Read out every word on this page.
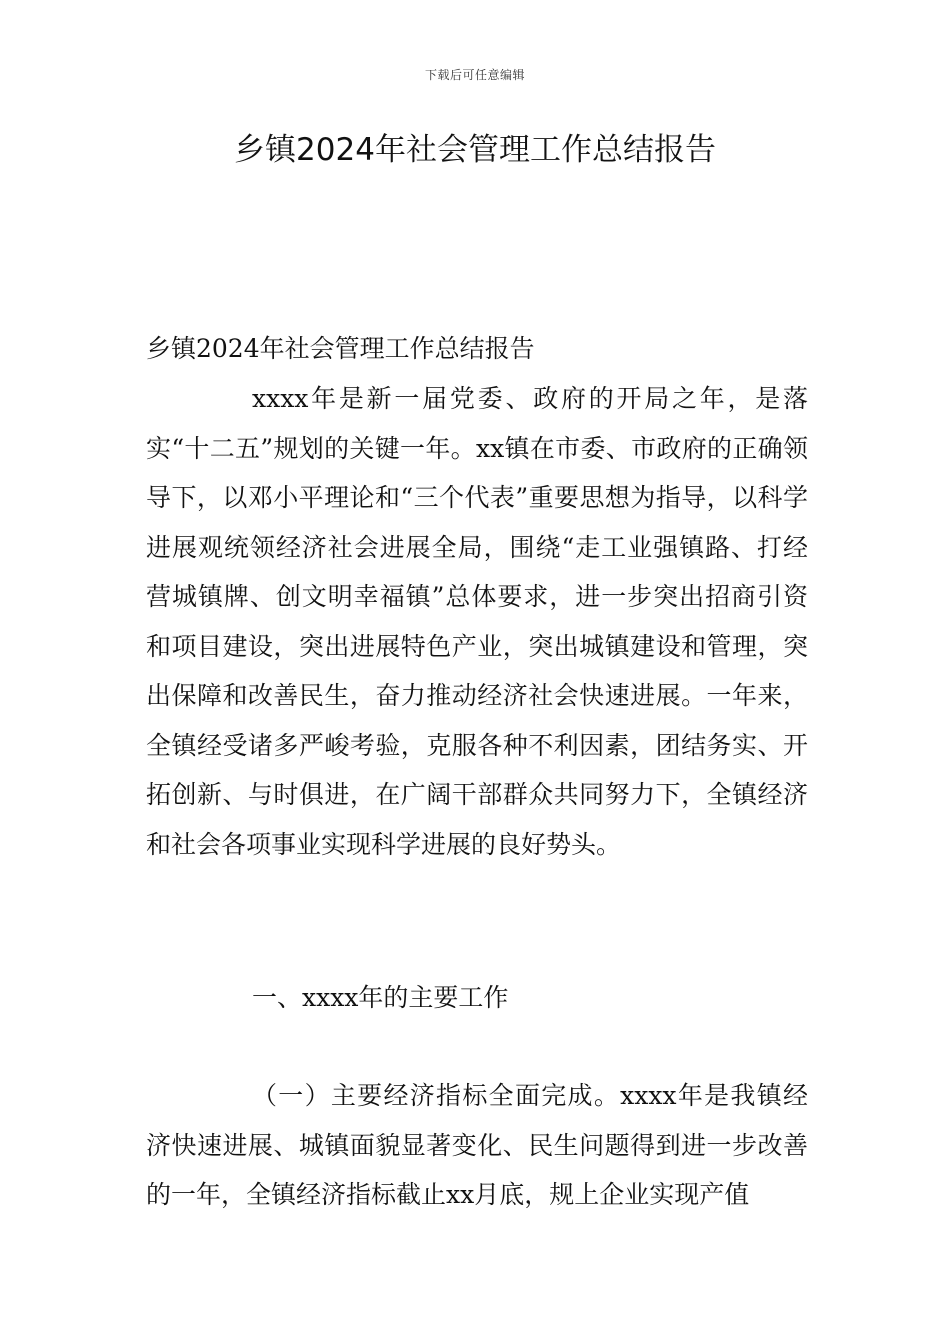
下载后可任意编辑
乡镇2024年社会管理工作总结报告

乡镇2024年社会管理工作总结报告

xxxx年是新一届党委、政府的开局之年，是落实“十二五”规划的关键一年。xx镇在市委、市政府的正确领导下，以邓小平理论和“三个代表”重要思想为指导，以科学进展观统领经济社会进展全局，围绕“走工业强镇路、打经营城镇牌、创文明幸福镇”总体要求，进一步突出招商引资和项目建设，突出进展特色产业，突出城镇建设和管理，突出保障和改善民生，奋力推动经济社会快速进展。一年来，全镇经受诸多严峻考验，克服各种不利因素，团结务实、开拓创新、与时俱进，在广阔干部群众共同努力下，全镇经济和社会各项事业实现科学进展的良好势头。

一、xxxx年的主要工作

（一）主要经济指标全面完成。xxxx年是我镇经济快速进展、城镇面貌显著变化、民生问题得到进一步改善的一年，全镇经济指标截止xx月底，规上企业实现产值
